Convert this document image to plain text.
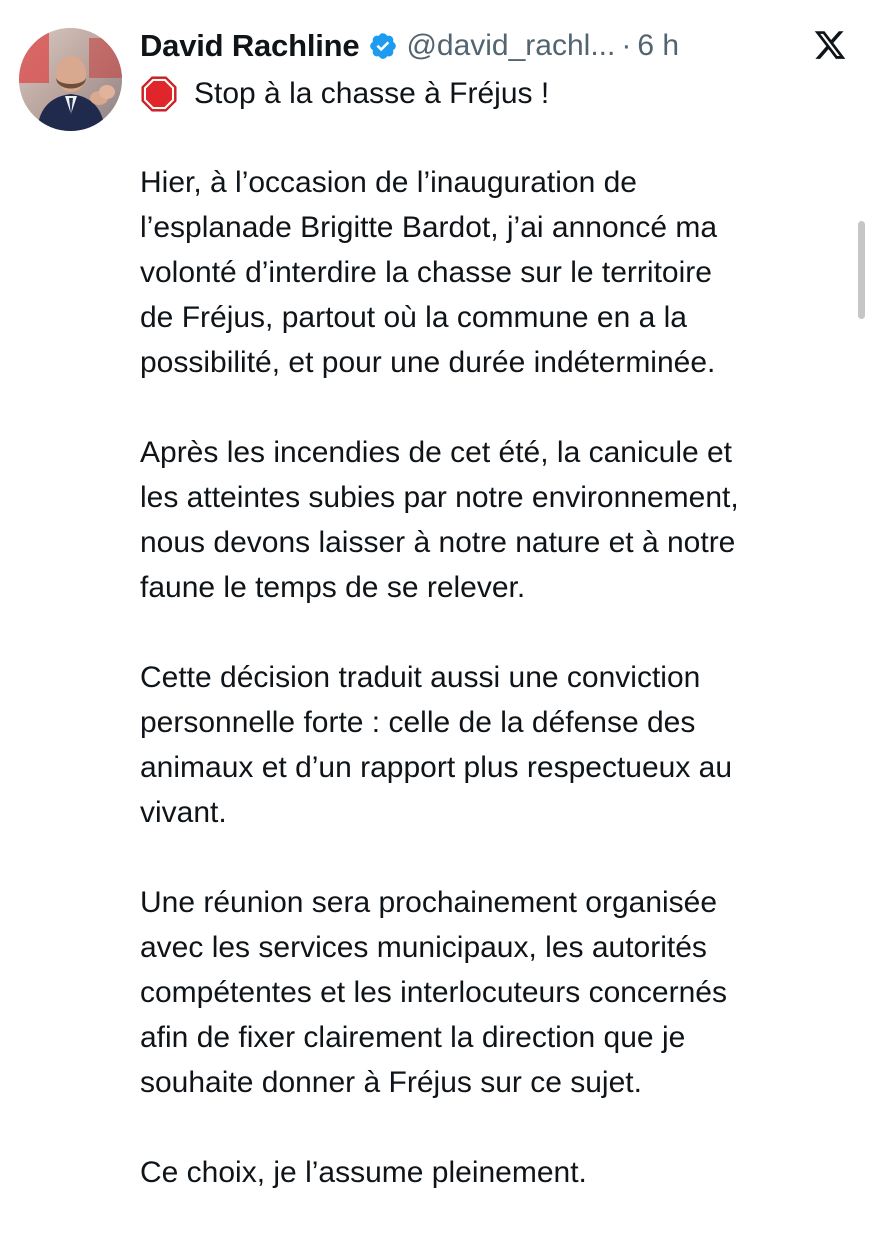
David Rachline @david_rachl... · 6 h
Stop à la chasse à Fréjus !

Hier, à l’occasion de l’inauguration de
l’esplanade Brigitte Bardot, j’ai annoncé ma
volonté d’interdire la chasse sur le territoire
de Fréjus, partout où la commune en a la
possibilité, et pour une durée indéterminée.

Après les incendies de cet été, la canicule et
les atteintes subies par notre environnement,
nous devons laisser à notre nature et à notre
faune le temps de se relever.

Cette décision traduit aussi une conviction
personnelle forte : celle de la défense des
animaux et d’un rapport plus respectueux au
vivant.

Une réunion sera prochainement organisée
avec les services municipaux, les autorités
compétentes et les interlocuteurs concernés
afin de fixer clairement la direction que je
souhaite donner à Fréjus sur ce sujet.

Ce choix, je l’assume pleinement.
